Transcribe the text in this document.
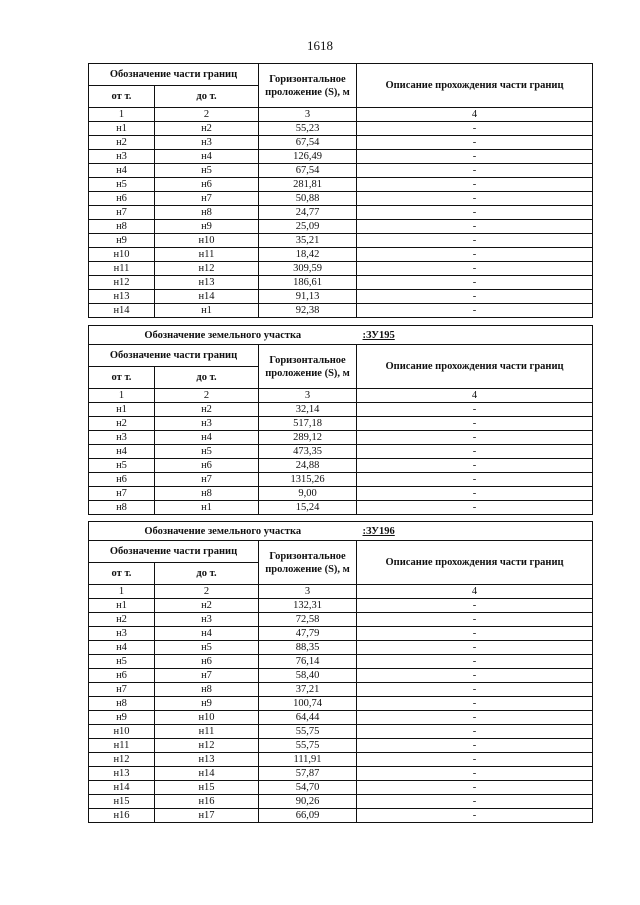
1618
Обозначение части границ		Горизонтальное проложение (S), м	Описание прохождения части границ
от т.	до т.		
1	2	3	4
н1	н2	55,23	-
н2	н3	67,54	-
н3	н4	126,49	-
н4	н5	67,54	-
н5	н6	281,81	-
н6	н7	50,88	-
н7	н8	24,77	-
н8	н9	25,09	-
н9	н10	35,21	-
н10	н11	18,42	-
н11	н12	309,59	-
н12	н13	186,61	-
н13	н14	91,13	-
н14	н1	92,38	-
Обозначение земельного участка			:ЗУ195
Обозначение части границ		Горизонтальное проложение (S), м	Описание прохождения части границ
от т.	до т.		
1	2	3	4
н1	н2	32,14	-
н2	н3	517,18	-
н3	н4	289,12	-
н4	н5	473,35	-
н5	н6	24,88	-
н6	н7	1315,26	-
н7	н8	9,00	-
н8	н1	15,24	-
Обозначение земельного участка			:ЗУ196
Обозначение части границ		Горизонтальное проложение (S), м	Описание прохождения части границ
от т.	до т.		
1	2	3	4
н1	н2	132,31	-
н2	н3	72,58	-
н3	н4	47,79	-
н4	н5	88,35	-
н5	н6	76,14	-
н6	н7	58,40	-
н7	н8	37,21	-
н8	н9	100,74	-
н9	н10	64,44	-
н10	н11	55,75	-
н11	н12	55,75	-
н12	н13	111,91	-
н13	н14	57,87	-
н14	н15	54,70	-
н15	н16	90,26	-
н16	н17	66,09	-
